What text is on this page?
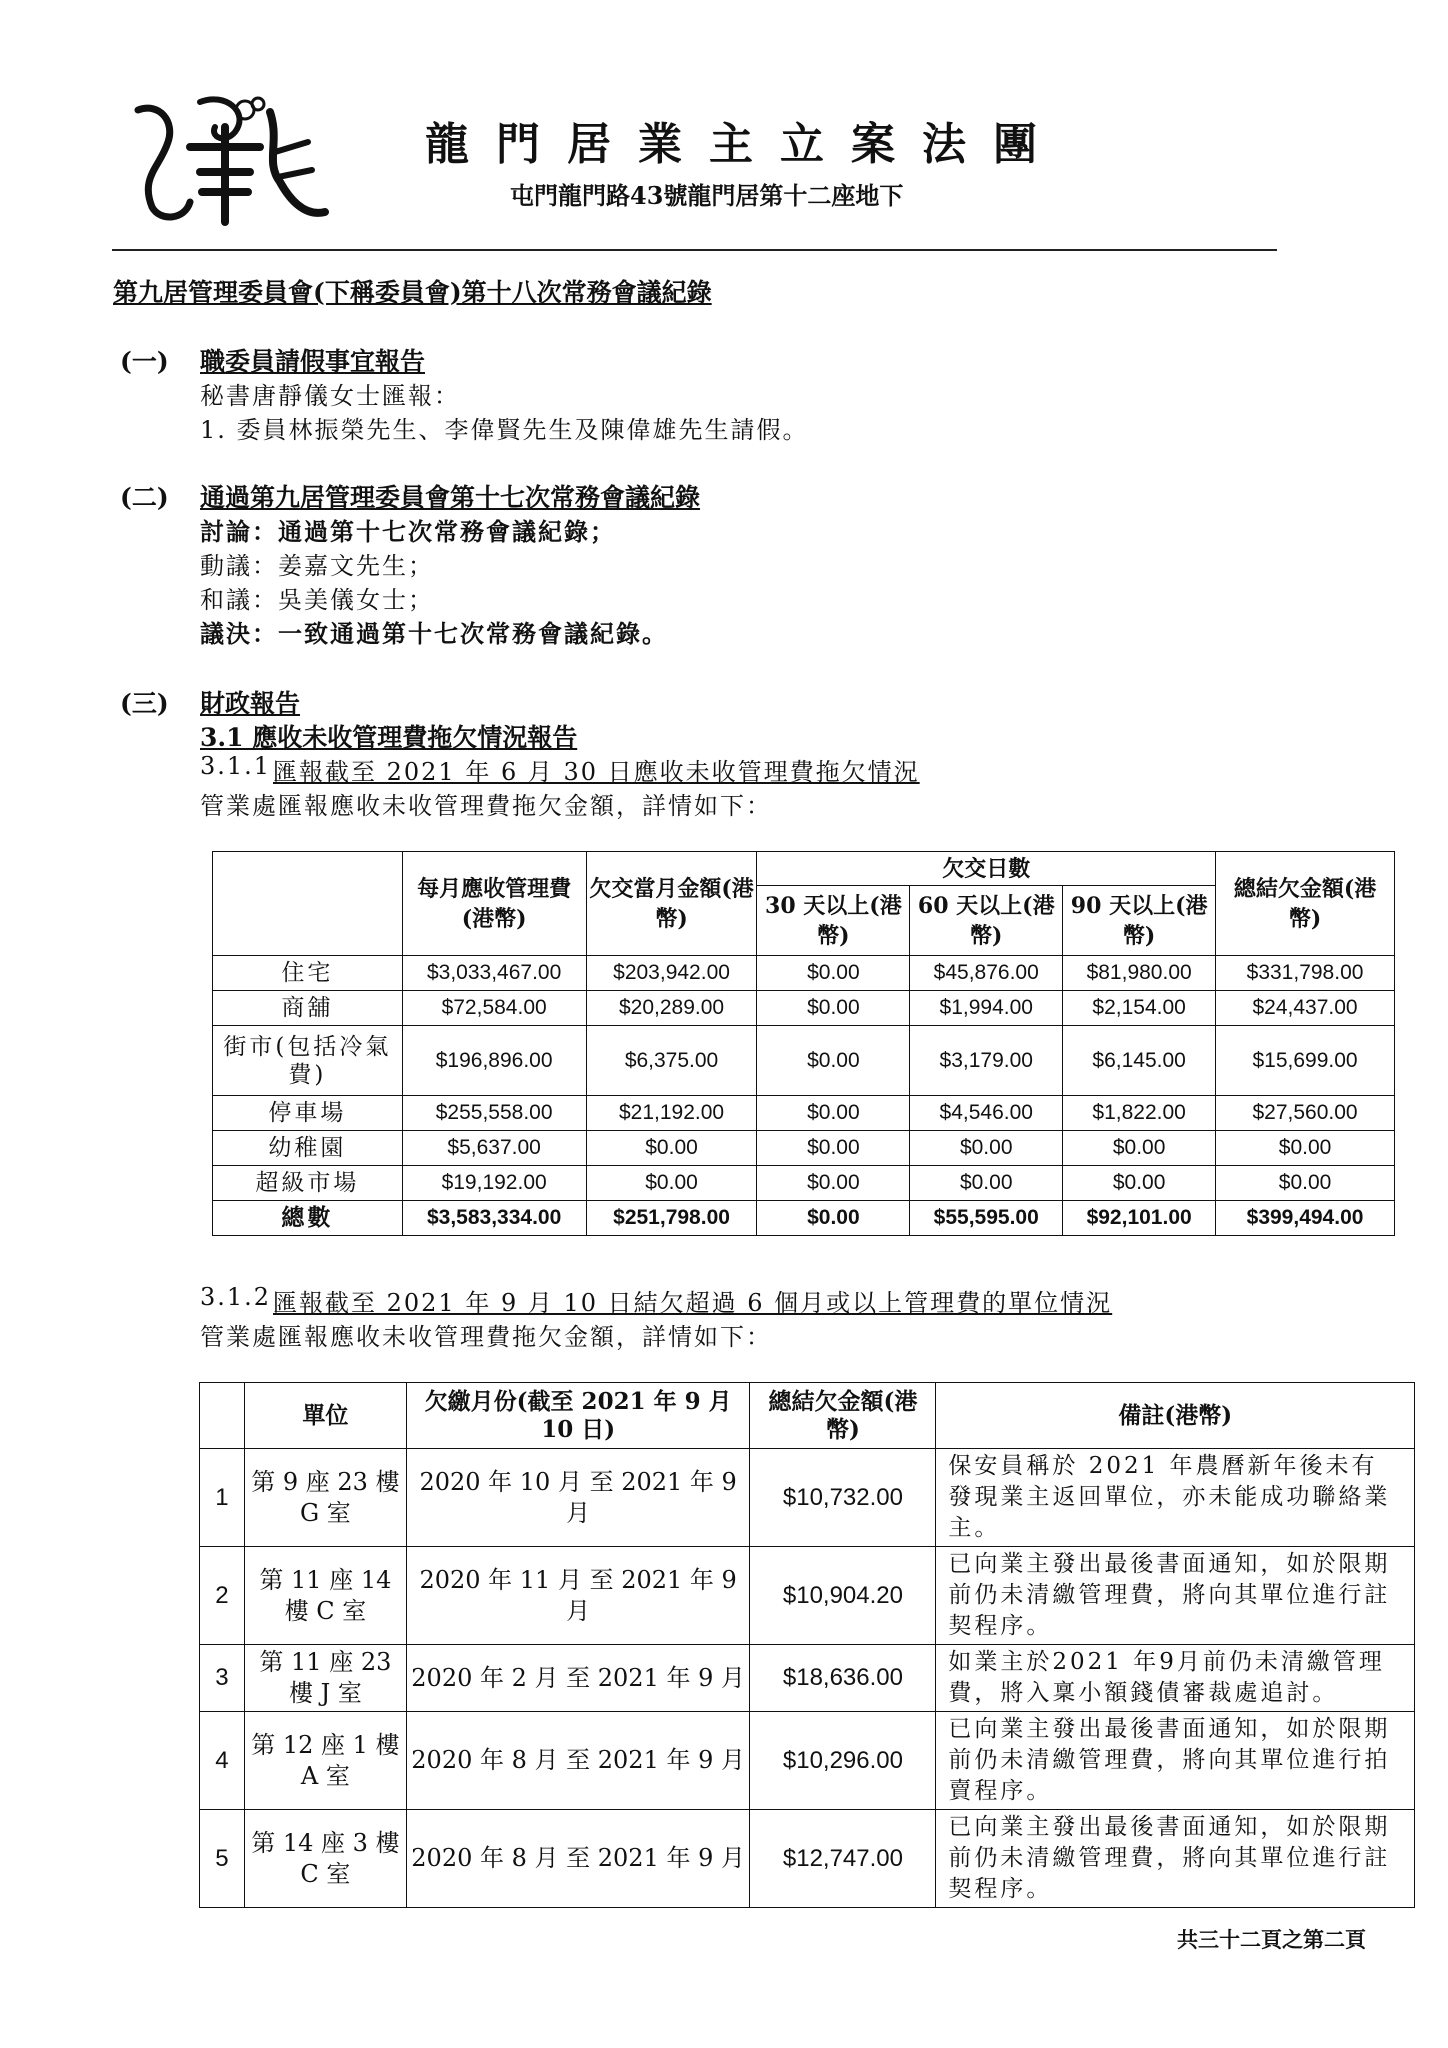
龍門居業主立案法團
屯門龍門路43號龍門居第十二座地下
第九居管理委員會(下稱委員會)第十八次常務會議紀錄
(一) 職委員請假事宜報告
秘書唐靜儀女士匯報：
1. 委員林振榮先生、李偉賢先生及陳偉雄先生請假。
(二) 通過第九居管理委員會第十七次常務會議紀錄
討論：通過第十七次常務會議紀錄；
動議：姜嘉文先生；
和議：吳美儀女士；
議決：一致通過第十七次常務會議紀錄。
(三) 財政報告
3.1 應收未收管理費拖欠情況報告
3.1.1 匯報截至 2021 年 6 月 30 日應收未收管理費拖欠情況
管業處匯報應收未收管理費拖欠金額，詳情如下：
	每月應收管理費(港幣)	欠交當月金額(港幣)	欠交日數			總結欠金額(港幣)
			30 天以上(港幣)	60 天以上(港幣)	90 天以上(港幣)	
住宅	$3,033,467.00	$203,942.00	$0.00	$45,876.00	$81,980.00	$331,798.00
商舖	$72,584.00	$20,289.00	$0.00	$1,994.00	$2,154.00	$24,437.00
街市(包括冷氣費)	$196,896.00	$6,375.00	$0.00	$3,179.00	$6,145.00	$15,699.00
停車場	$255,558.00	$21,192.00	$0.00	$4,546.00	$1,822.00	$27,560.00
幼稚園	$5,637.00	$0.00	$0.00	$0.00	$0.00	$0.00
超級市場	$19,192.00	$0.00	$0.00	$0.00	$0.00	$0.00
總數	$3,583,334.00	$251,798.00	$0.00	$55,595.00	$92,101.00	$399,494.00
3.1.2 匯報截至 2021 年 9 月 10 日結欠超過 6 個月或以上管理費的單位情況
管業處匯報應收未收管理費拖欠金額，詳情如下：
	單位	欠繳月份(截至 2021 年 9 月 10 日)	總結欠金額(港幣)	備註(港幣)
1	第 9 座 23 樓 G 室	2020 年 10 月 至 2021 年 9 月	$10,732.00	保安員稱於 2021 年農曆新年後未有發現業主返回單位，亦未能成功聯絡業主。
2	第 11 座 14 樓 C 室	2020 年 11 月 至 2021 年 9 月	$10,904.20	已向業主發出最後書面通知，如於限期前仍未清繳管理費，將向其單位進行註契程序。
3	第 11 座 23 樓 J 室	2020 年 2 月 至 2021 年 9 月	$18,636.00	如業主於2021 年9月前仍未清繳管理費，將入稟小額錢債審裁處追討。
4	第 12 座 1 樓 A 室	2020 年 8 月 至 2021 年 9 月	$10,296.00	已向業主發出最後書面通知，如於限期前仍未清繳管理費，將向其單位進行拍賣程序。
5	第 14 座 3 樓 C 室	2020 年 8 月 至 2021 年 9 月	$12,747.00	已向業主發出最後書面通知，如於限期前仍未清繳管理費，將向其單位進行註契程序。
共三十二頁之第二頁
